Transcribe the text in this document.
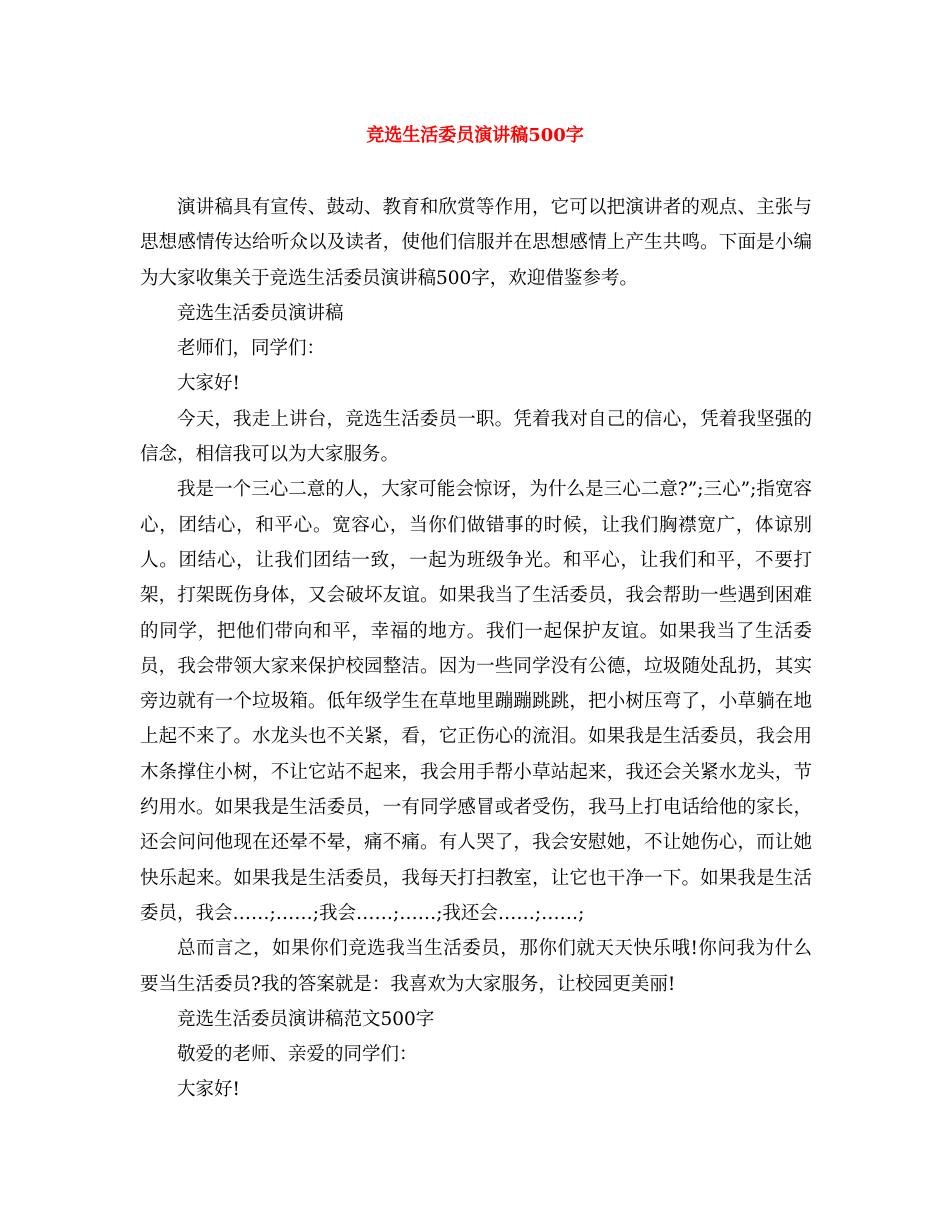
竞选生活委员演讲稿500字

演讲稿具有宣传、鼓动、教育和欣赏等作用，它可以把演讲者的观点、主张与思想感情传达给听众以及读者，使他们信服并在思想感情上产生共鸣。下面是小编为大家收集关于竞选生活委员演讲稿500字，欢迎借鉴参考。

竞选生活委员演讲稿

老师们，同学们：

大家好!

今天，我走上讲台，竞选生活委员一职。凭着我对自己的信心，凭着我坚强的信念，相信我可以为大家服务。

我是一个三心二意的人，大家可能会惊讶，为什么是三心二意?”;三心”;指宽容心，团结心，和平心。宽容心，当你们做错事的时候，让我们胸襟宽广，体谅别人。团结心，让我们团结一致，一起为班级争光。和平心，让我们和平，不要打架，打架既伤身体，又会破坏友谊。如果我当了生活委员，我会帮助一些遇到困难的同学，把他们带向和平，幸福的地方。我们一起保护友谊。如果我当了生活委员，我会带领大家来保护校园整洁。因为一些同学没有公德，垃圾随处乱扔，其实旁边就有一个垃圾箱。低年级学生在草地里蹦蹦跳跳，把小树压弯了，小草躺在地上起不来了。水龙头也不关紧，看，它正伤心的流泪。如果我是生活委员，我会用木条撑住小树，不让它站不起来，我会用手帮小草站起来，我还会关紧水龙头，节约用水。如果我是生活委员，一有同学感冒或者受伤，我马上打电话给他的家长，还会问问他现在还晕不晕，痛不痛。有人哭了，我会安慰她，不让她伤心，而让她快乐起来。如果我是生活委员，我每天打扫教室，让它也干净一下。如果我是生活委员，我会……;……;我会……;……;我还会……;……;

总而言之，如果你们竞选我当生活委员，那你们就天天快乐哦!你问我为什么要当生活委员?我的答案就是：我喜欢为大家服务，让校园更美丽!

竞选生活委员演讲稿范文500字

敬爱的老师、亲爱的同学们：

大家好!
